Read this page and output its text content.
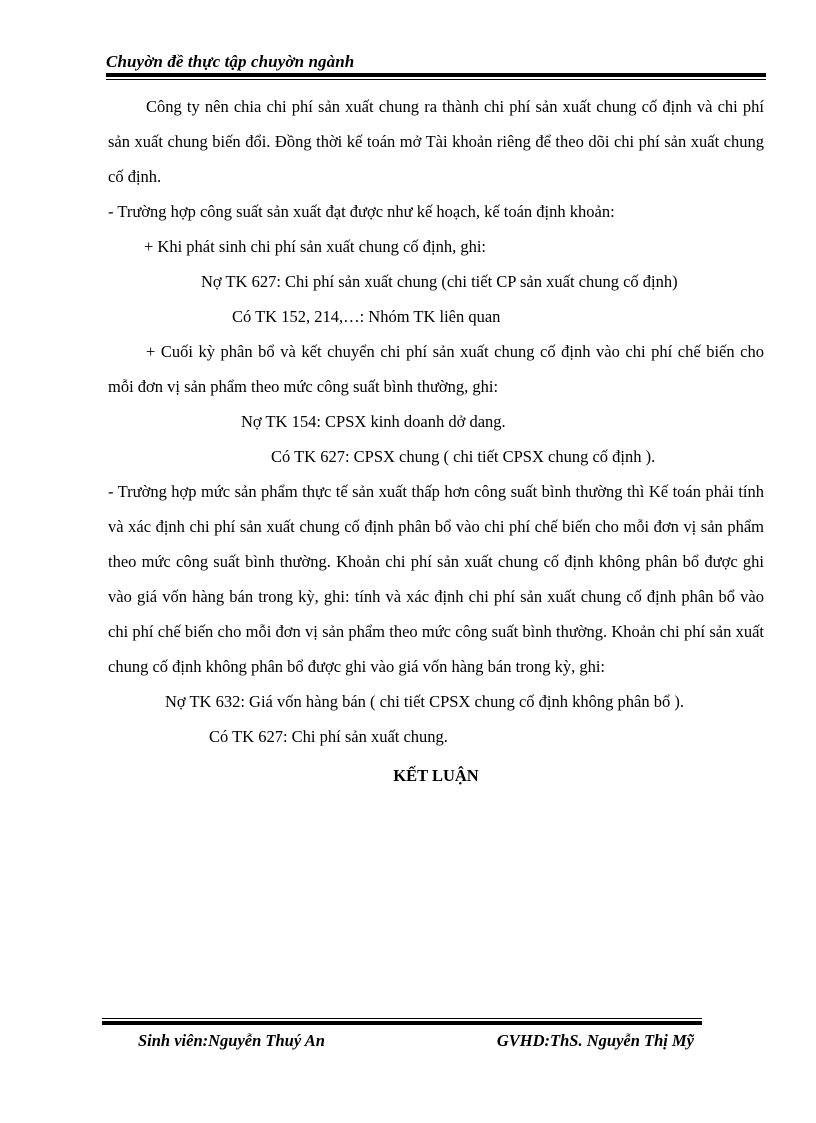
Chuyờn đề thực tập chuyờn ngành

Công ty nên chia chi phí sản xuất chung ra thành chi phí sản xuất chung cố định và chi phí sản xuất chung biến đổi. Đồng thời kế toán mở Tài khoản riêng để theo dõi chi phí sản xuất chung cố định.

- Trường hợp công suất sản xuất đạt được như kế hoạch, kế toán định khoản:

+ Khi phát sinh chi phí sản xuất chung cố định, ghi:

Nợ TK 627: Chi phí sản xuất chung (chi tiết CP sản xuất chung cố định)

Có TK 152, 214,…: Nhóm TK liên quan

+ Cuối kỳ phân bổ và kết chuyển chi phí sản xuất chung cố định vào chi phí chế biến cho mỗi đơn vị sản phẩm theo mức công suất bình thường, ghi:

Nợ TK 154: CPSX kinh doanh dở dang.

Có TK 627: CPSX chung ( chi tiết CPSX chung cố định ).

- Trường hợp mức sản phẩm thực tế sản xuất thấp hơn công suất bình thường thì Kế toán phải tính và xác định chi phí sản xuất chung cố định phân bổ vào chi phí chế biến cho mỗi đơn vị sản phẩm theo mức công suất bình thường. Khoản chi phí sản xuất chung cố định không phân bổ được ghi vào giá vốn hàng bán trong kỳ, ghi: tính và xác định chi phí sản xuất chung cố định phân bổ vào chi phí chế biến cho mỗi đơn vị sản phẩm theo mức công suất bình thường. Khoản chi phí sản xuất chung cố định không phân bổ được ghi vào giá vốn hàng bán trong kỳ, ghi:

Nợ TK 632: Giá vốn hàng bán ( chi tiết CPSX chung cố định không phân bổ ).

Có TK 627: Chi phí sản xuất chung.

KẾT LUẬN

Sinh viên:Nguyễn Thuý An	GVHD:ThS. Nguyễn Thị Mỹ
